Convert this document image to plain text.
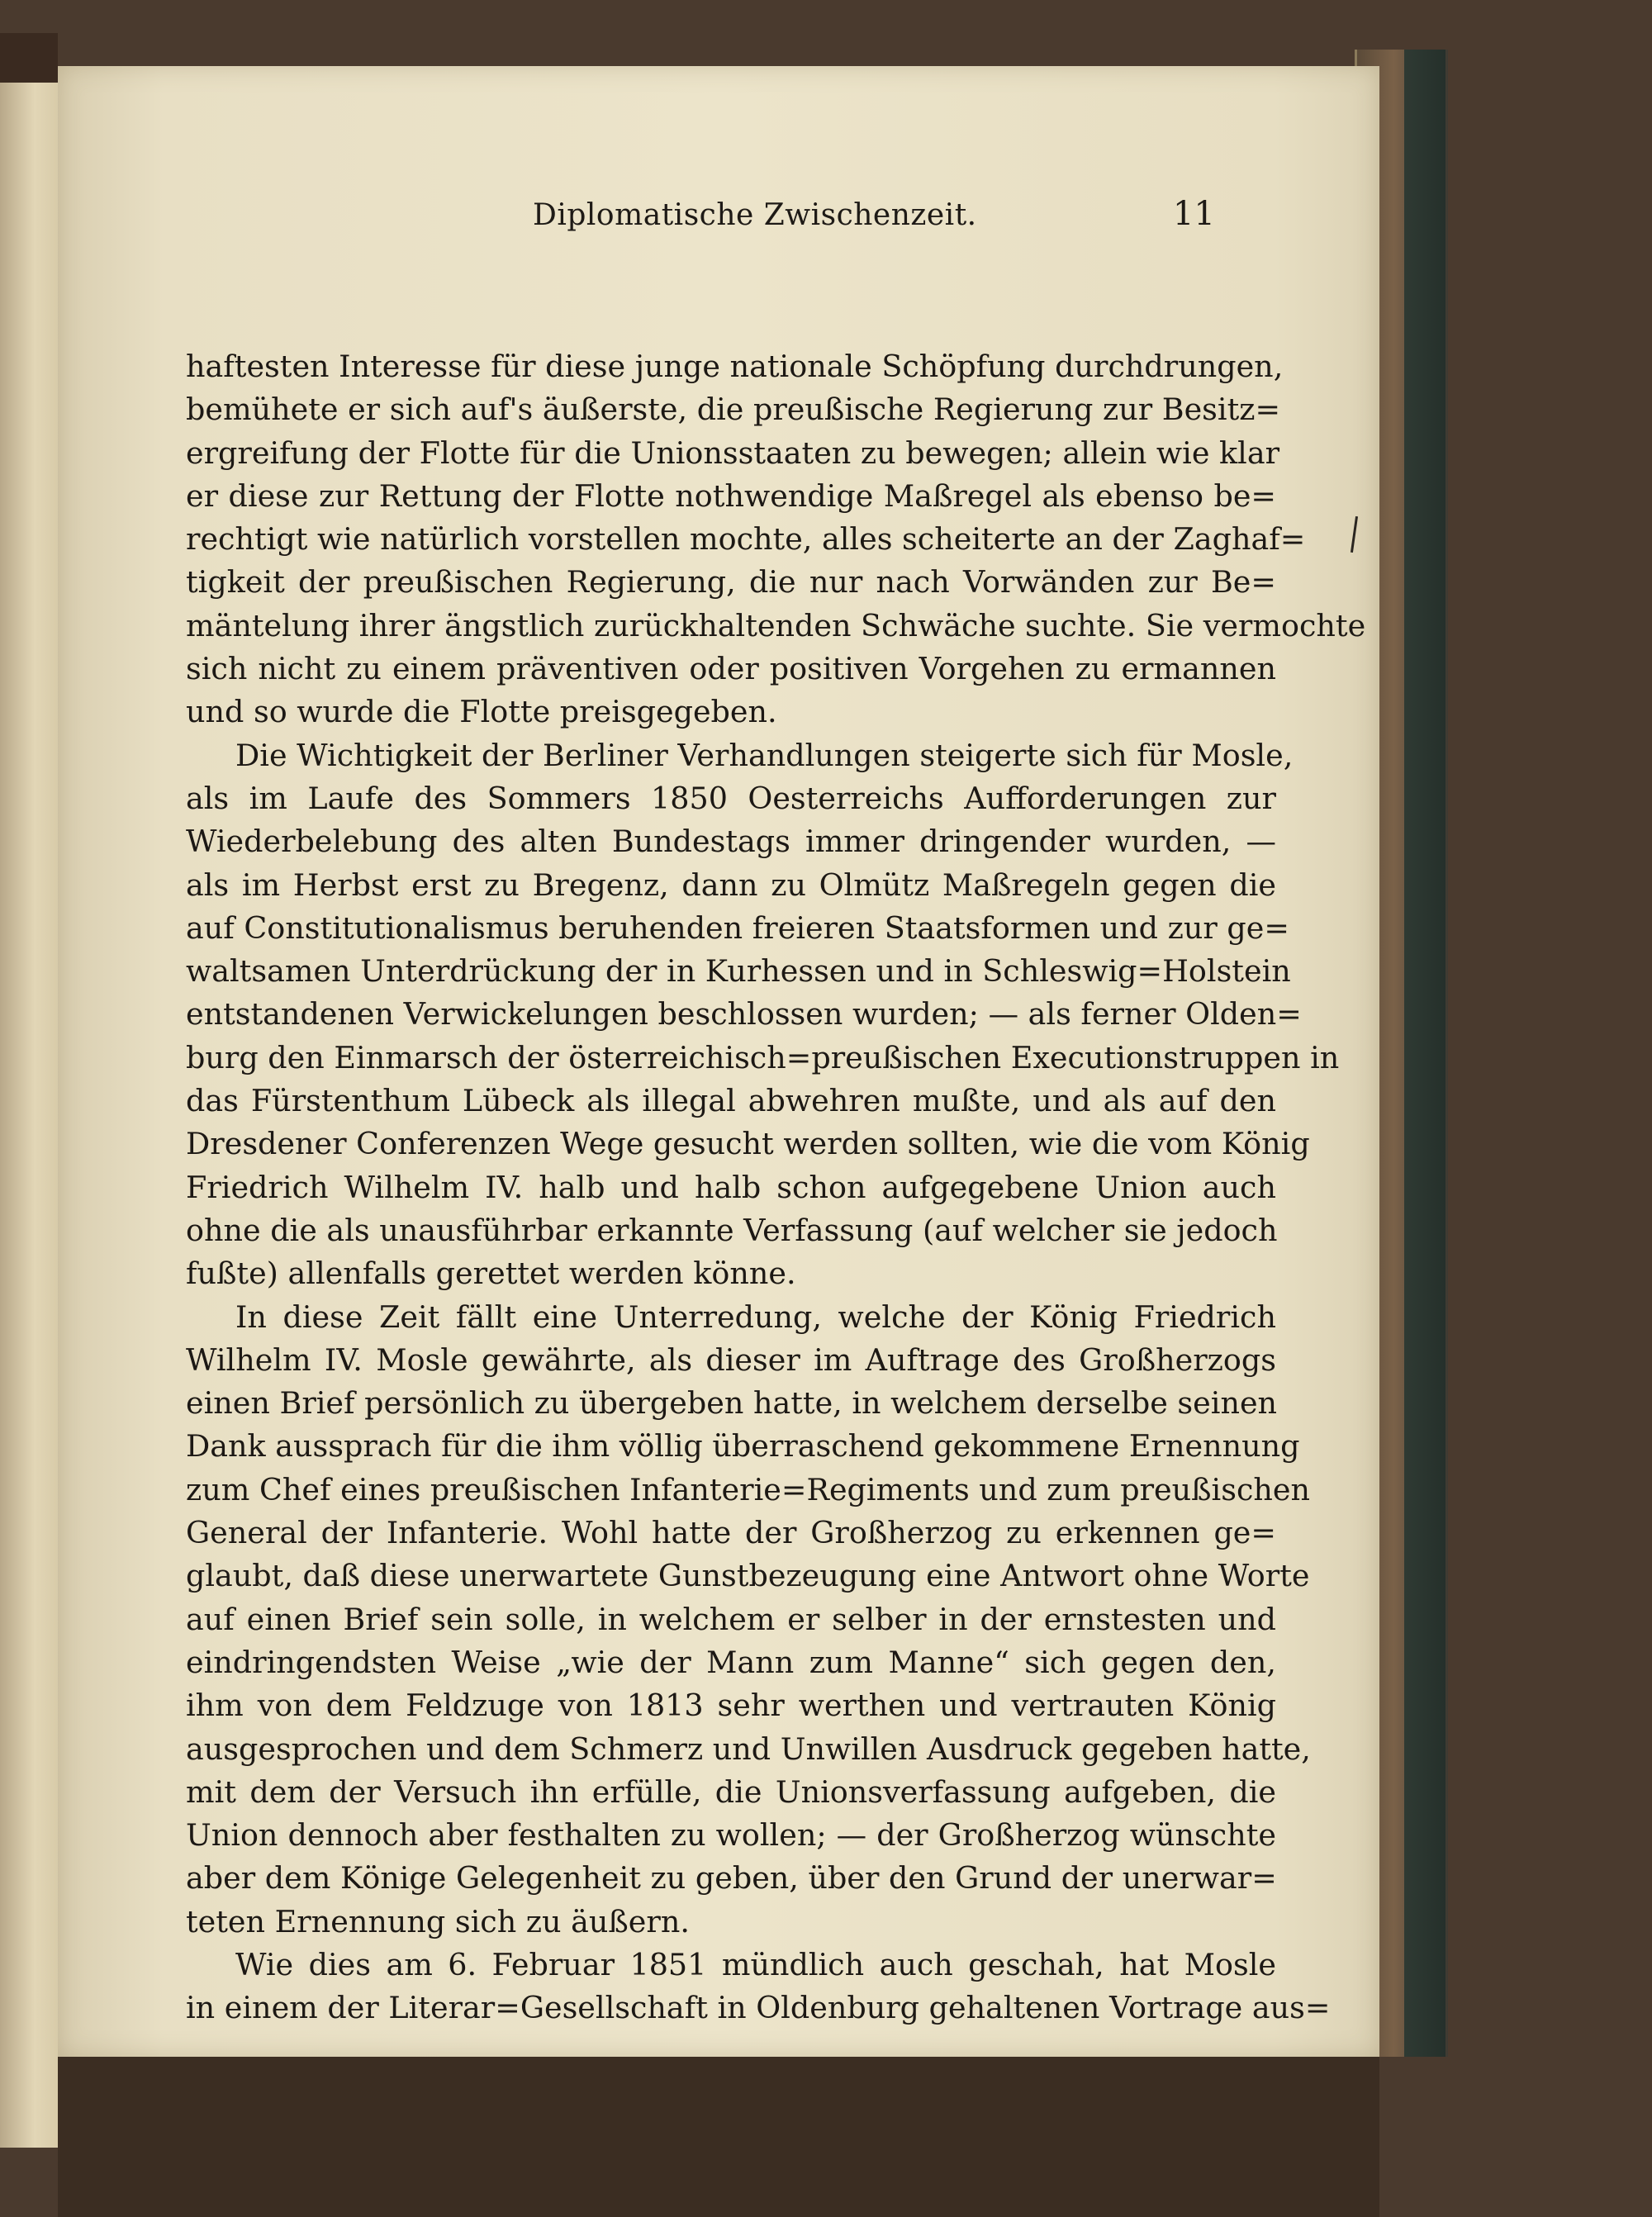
Diplomatische Zwischenzeit.	11
haftesten Interesse für diese junge nationale Schöpfung durchdrungen,
bemühete er sich auf's äußerste, die preußische Regierung zur Besitz=
ergreifung der Flotte für die Unionsstaaten zu bewegen; allein wie klar
er diese zur Rettung der Flotte nothwendige Maßregel als ebenso be=
rechtigt wie natürlich vorstellen mochte, alles scheiterte an der Zaghaf=
tigkeit der preußischen Regierung, die nur nach Vorwänden zur Be=
mäntelung ihrer ängstlich zurückhaltenden Schwäche suchte. Sie vermochte
sich nicht zu einem präventiven oder positiven Vorgehen zu ermannen
und so wurde die Flotte preisgegeben.
Die Wichtigkeit der Berliner Verhandlungen steigerte sich für Mosle,
als im Laufe des Sommers 1850 Oesterreichs Aufforderungen zur
Wiederbelebung des alten Bundestags immer dringender wurden, —
als im Herbst erst zu Bregenz, dann zu Olmütz Maßregeln gegen die
auf Constitutionalismus beruhenden freieren Staatsformen und zur ge=
waltsamen Unterdrückung der in Kurhessen und in Schleswig=Holstein
entstandenen Verwickelungen beschlossen wurden; — als ferner Olden=
burg den Einmarsch der österreichisch=preußischen Executionstruppen in
das Fürstenthum Lübeck als illegal abwehren mußte, und als auf den
Dresdener Conferenzen Wege gesucht werden sollten, wie die vom König
Friedrich Wilhelm IV. halb und halb schon aufgegebene Union auch
ohne die als unausführbar erkannte Verfassung (auf welcher sie jedoch
fußte) allenfalls gerettet werden könne.
In diese Zeit fällt eine Unterredung, welche der König Friedrich
Wilhelm IV. Mosle gewährte, als dieser im Auftrage des Großherzogs
einen Brief persönlich zu übergeben hatte, in welchem derselbe seinen
Dank aussprach für die ihm völlig überraschend gekommene Ernennung
zum Chef eines preußischen Infanterie=Regiments und zum preußischen
General der Infanterie. Wohl hatte der Großherzog zu erkennen ge=
glaubt, daß diese unerwartete Gunstbezeugung eine Antwort ohne Worte
auf einen Brief sein solle, in welchem er selber in der ernstesten und
eindringendsten Weise „wie der Mann zum Manne“ sich gegen den,
ihm von dem Feldzuge von 1813 sehr werthen und vertrauten König
ausgesprochen und dem Schmerz und Unwillen Ausdruck gegeben hatte,
mit dem der Versuch ihn erfülle, die Unionsverfassung aufgeben, die
Union dennoch aber festhalten zu wollen; — der Großherzog wünschte
aber dem Könige Gelegenheit zu geben, über den Grund der unerwar=
teten Ernennung sich zu äußern.
Wie dies am 6. Februar 1851 mündlich auch geschah, hat Mosle
in einem der Literar=Gesellschaft in Oldenburg gehaltenen Vortrage aus=
